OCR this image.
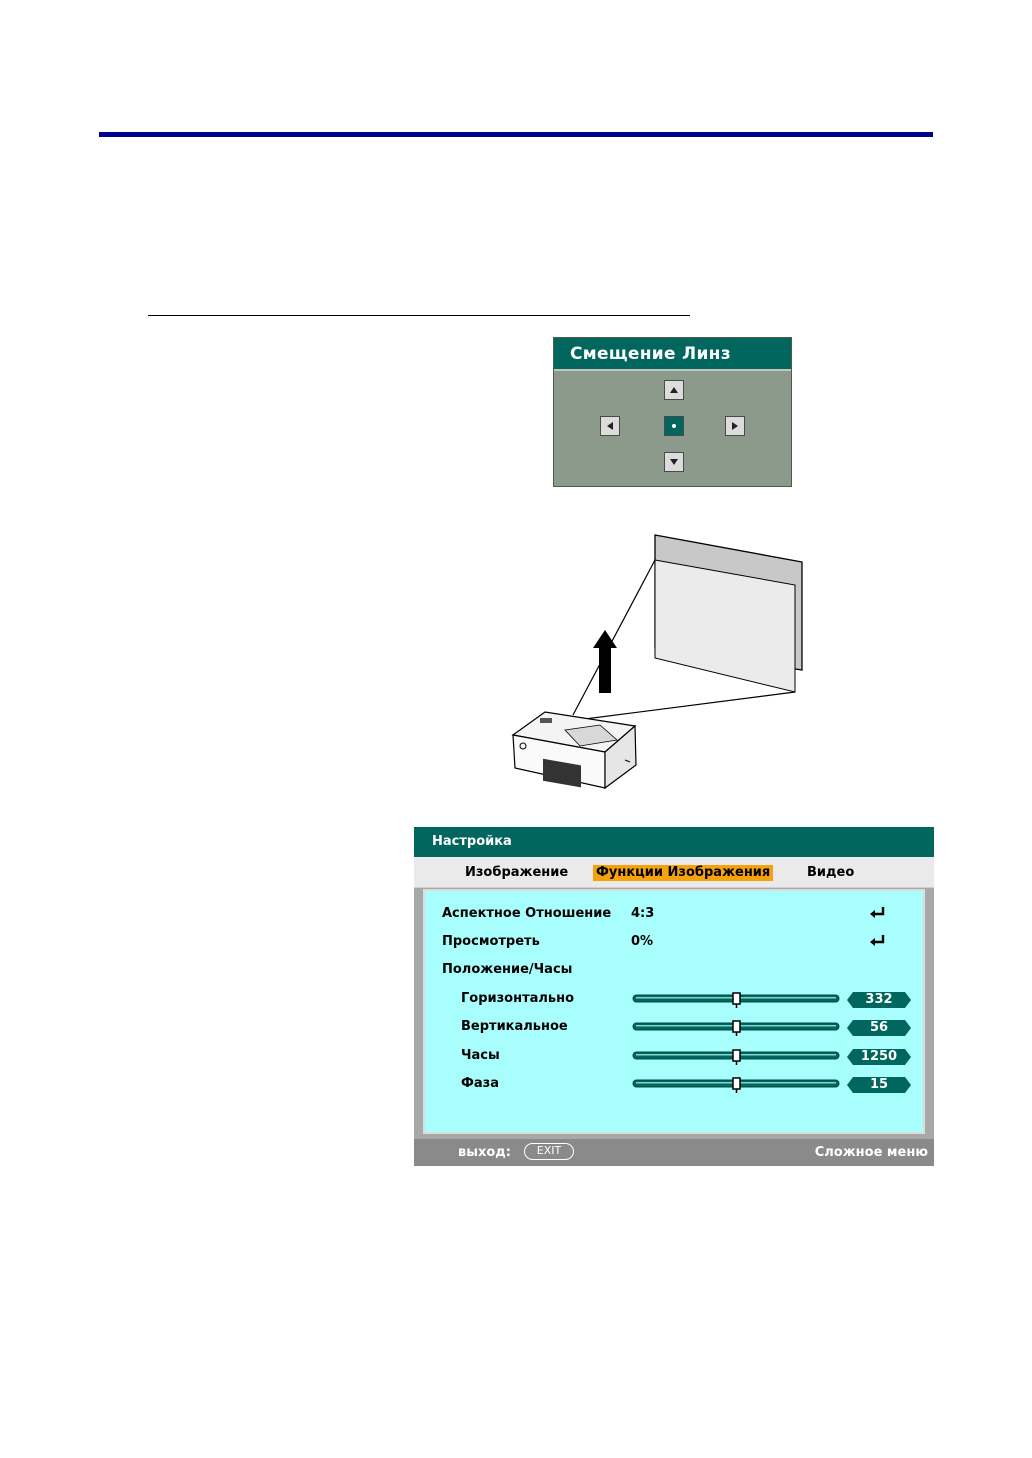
Смещение Линз
Настройка
Изображение Функции Изображения	Видео
Аспектное Отношение 4:3
Просмотреть	0%
Положение/Часы
Горизонтально	332
Вертикальное	56
Часы	1250
Фаза	15
выход:	EXIT	Сложное меню
